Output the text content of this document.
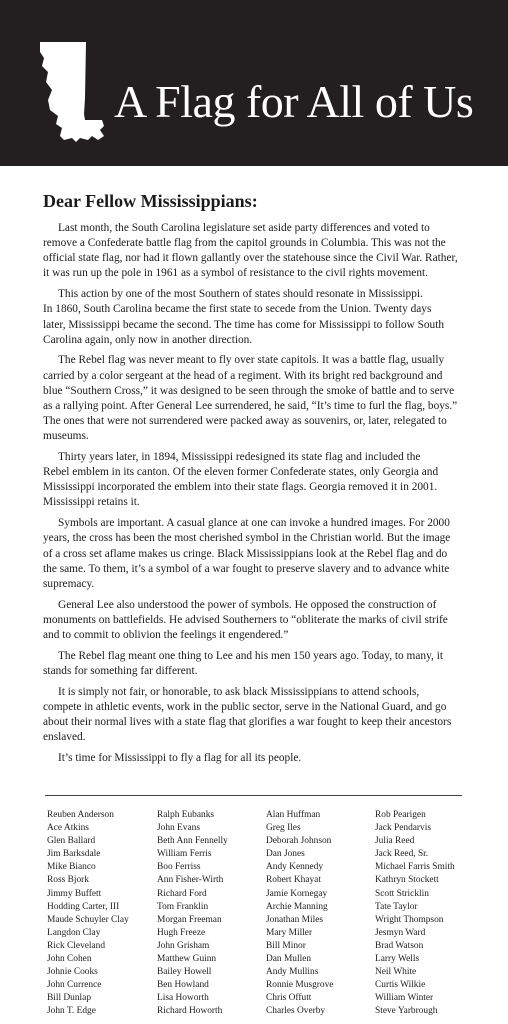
A Flag for All of Us
Dear Fellow Mississippians:

Last month, the South Carolina legislature set aside party differences and voted to
remove a Confederate battle flag from the capitol grounds in Columbia. This was not the
official state flag, nor had it flown gallantly over the statehouse since the Civil War. Rather,
it was run up the pole in 1961 as a symbol of resistance to the civil rights movement.

This action by one of the most Southern of states should resonate in Mississippi.
In 1860, South Carolina became the first state to secede from the Union. Twenty days
later, Mississippi became the second. The time has come for Mississippi to follow South
Carolina again, only now in another direction.

The Rebel flag was never meant to fly over state capitols. It was a battle flag, usually
carried by a color sergeant at the head of a regiment. With its bright red background and
blue “Southern Cross,” it was designed to be seen through the smoke of battle and to serve
as a rallying point. After General Lee surrendered, he said, “It’s time to furl the flag, boys.”
The ones that were not surrendered were packed away as souvenirs, or, later, relegated to
museums.

Thirty years later, in 1894, Mississippi redesigned its state flag and included the
Rebel emblem in its canton. Of the eleven former Confederate states, only Georgia and
Mississippi incorporated the emblem into their state flags. Georgia removed it in 2001.
Mississippi retains it.

Symbols are important. A casual glance at one can invoke a hundred images. For 2000
years, the cross has been the most cherished symbol in the Christian world. But the image
of a cross set aflame makes us cringe. Black Mississippians look at the Rebel flag and do
the same. To them, it’s a symbol of a war fought to preserve slavery and to advance white
supremacy.

General Lee also understood the power of symbols. He opposed the construction of
monuments on battlefields. He advised Southerners to “obliterate the marks of civil strife
and to commit to oblivion the feelings it engendered.”

The Rebel flag meant one thing to Lee and his men 150 years ago. Today, to many, it
stands for something far different.

It is simply not fair, or honorable, to ask black Mississippians to attend schools,
compete in athletic events, work in the public sector, serve in the National Guard, and go
about their normal lives with a state flag that glorifies a war fought to keep their ancestors
enslaved.

It’s time for Mississippi to fly a flag for all its people.

Reuben Anderson
Ace Atkins
Glen Ballard
Jim Barksdale
Mike Bianco
Ross Bjork
Jimmy Buffett
Hodding Carter, III
Maude Schuyler Clay
Langdon Clay
Rick Cleveland
John Cohen
Johnie Cooks
John Currence
Bill Dunlap
John T. Edge
Ralph Eubanks
John Evans
Beth Ann Fennelly
William Ferris
Boo Ferriss
Ann Fisher-Wirth
Richard Ford
Tom Franklin
Morgan Freeman
Hugh Freeze
John Grisham
Matthew Guinn
Bailey Howell
Ben Howland
Lisa Howorth
Richard Howorth
Alan Huffman
Greg Iles
Deborah Johnson
Dan Jones
Andy Kennedy
Robert Khayat
Jamie Kornegay
Archie Manning
Jonathan Miles
Mary Miller
Bill Minor
Dan Mullen
Andy Mullins
Ronnie Musgrove
Chris Offutt
Charles Overby
Rob Pearigen
Jack Pendarvis
Julia Reed
Jack Reed, Sr.
Michael Farris Smith
Kathryn Stockett
Scott Stricklin
Tate Taylor
Wright Thompson
Jesmyn Ward
Brad Watson
Larry Wells
Neil White
Curtis Wilkie
William Winter
Steve Yarbrough
